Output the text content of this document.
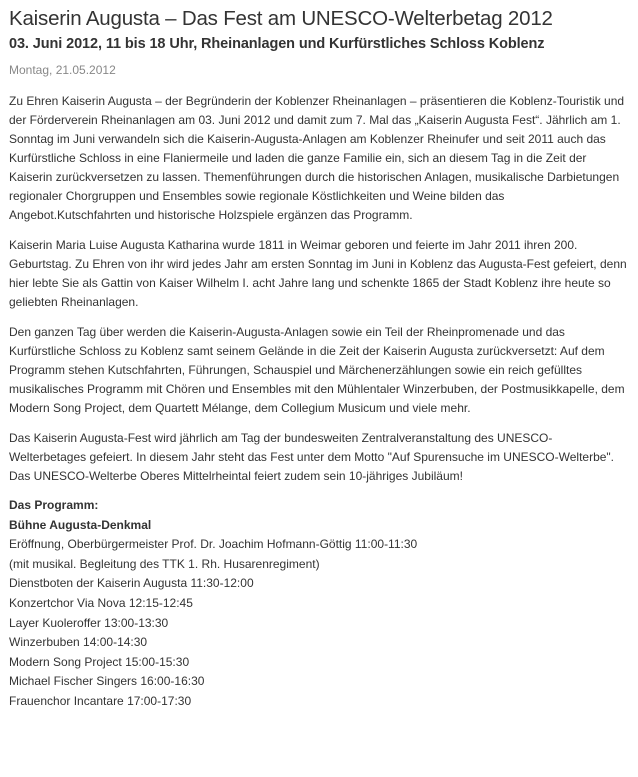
Kaiserin Augusta – Das Fest am UNESCO-Welterbetag 2012
03. Juni 2012, 11 bis 18 Uhr, Rheinanlagen und Kurfürstliches Schloss Koblenz
Montag, 21.05.2012

Zu Ehren Kaiserin Augusta – der Begründerin der Koblenzer Rheinanlagen – präsentieren die Koblenz-Touristik und der Förderverein Rheinanlagen am 03. Juni 2012 und damit zum 7. Mal das „Kaiserin Augusta Fest“. Jährlich am 1. Sonntag im Juni verwandeln sich die Kaiserin-Augusta-Anlagen am Koblenzer Rheinufer und seit 2011 auch das Kurfürstliche Schloss in eine Flaniermeile und laden die ganze Familie ein, sich an diesem Tag in die Zeit der Kaiserin zurückversetzen zu lassen. Themenführungen durch die historischen Anlagen, musikalische Darbietungen regionaler Chorgruppen und Ensembles sowie regionale Köstlichkeiten und Weine bilden das Angebot.Kutschfahrten und historische Holzspiele ergänzen das Programm.

Kaiserin Maria Luise Augusta Katharina wurde 1811 in Weimar geboren und feierte im Jahr 2011 ihren 200. Geburtstag. Zu Ehren von ihr wird jedes Jahr am ersten Sonntag im Juni in Koblenz das Augusta-Fest gefeiert, denn hier lebte Sie als Gattin von Kaiser Wilhelm I. acht Jahre lang und schenkte 1865 der Stadt Koblenz ihre heute so geliebten Rheinanlagen.

Den ganzen Tag über werden die Kaiserin-Augusta-Anlagen sowie ein Teil der Rheinpromenade und das Kurfürstliche Schloss zu Koblenz samt seinem Gelände in die Zeit der Kaiserin Augusta zurückversetzt: Auf dem Programm stehen Kutschfahrten, Führungen, Schauspiel und Märchenerzählungen sowie ein reich gefülltes musikalisches Programm mit Chören und Ensembles mit den Mühlentaler Winzerbuben, der Postmusikkapelle, dem Modern Song Project, dem Quartett Mélange, dem Collegium Musicum und viele mehr.

Das Kaiserin Augusta-Fest wird jährlich am Tag der bundesweiten Zentralveranstaltung des UNESCO-Welterbetages gefeiert. In diesem Jahr steht das Fest unter dem Motto "Auf Spurensuche im UNESCO-Welterbe". Das UNESCO-Welterbe Oberes Mittelrheintal feiert zudem sein 10-jähriges Jubiläum!

Das Programm:
Bühne Augusta-Denkmal
Eröffnung, Oberbürgermeister Prof. Dr. Joachim Hofmann-Göttig 11:00-11:30
(mit musikal. Begleitung des TTK 1. Rh. Husarenregiment)
Dienstboten der Kaiserin Augusta 11:30-12:00
Konzertchor Via Nova 12:15-12:45
Layer Kuoleroffer 13:00-13:30
Winzerbuben 14:00-14:30
Modern Song Project 15:00-15:30
Michael Fischer Singers 16:00-16:30
Frauenchor Incantare 17:00-17:30
